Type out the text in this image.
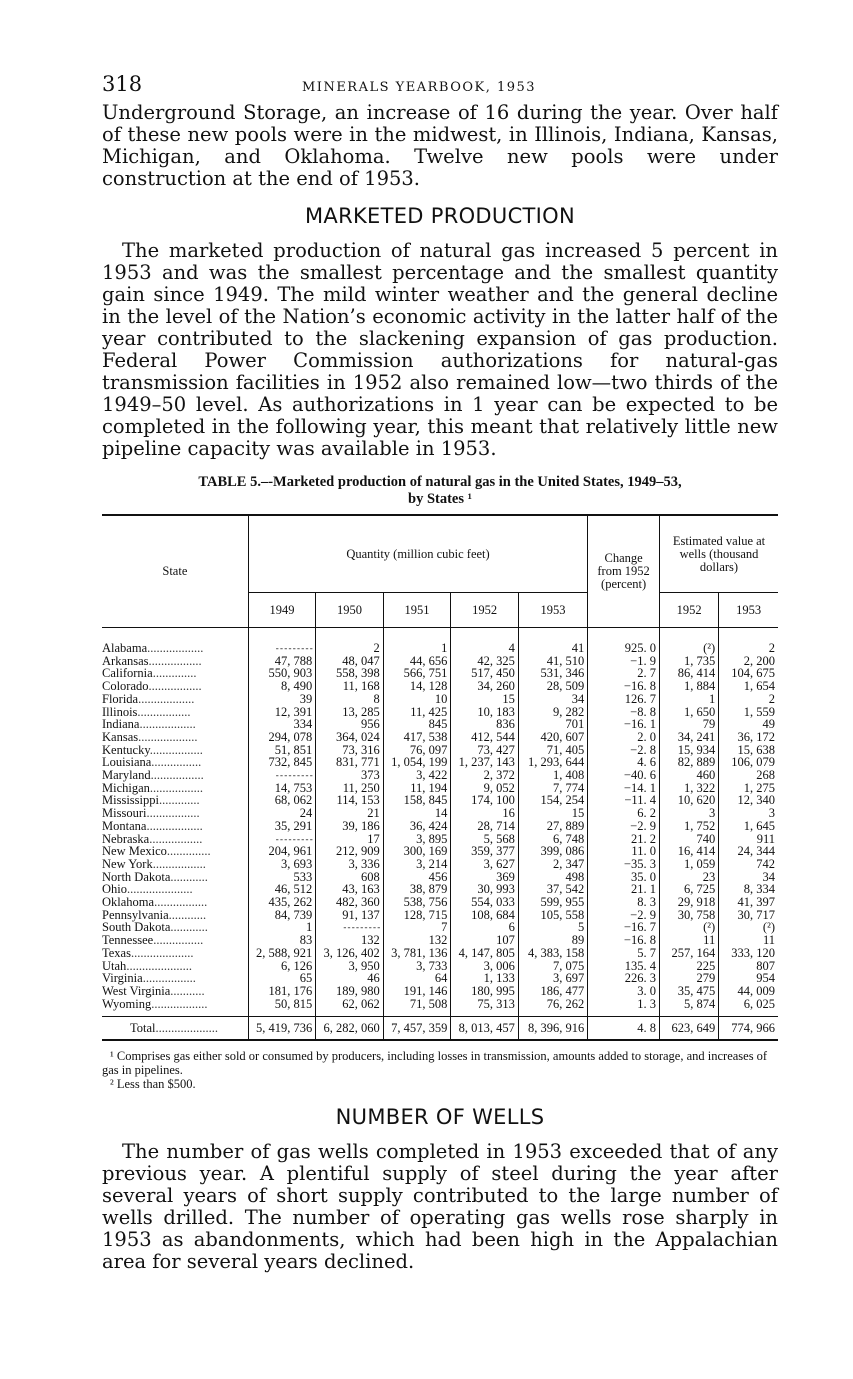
318	MINERALS YEARBOOK, 1953

Underground Storage, an increase of 16 during the year. Over half of these new pools were in the midwest, in Illinois, Indiana, Kansas, Michigan, and Oklahoma. Twelve new pools were under construction at the end of 1953.

MARKETED PRODUCTION

The marketed production of natural gas increased 5 percent in 1953 and was the smallest percentage and the smallest quantity gain since 1949. The mild winter weather and the general decline in the level of the Nation’s economic activity in the latter half of the year contributed to the slackening expansion of gas production. Federal Power Commission authorizations for natural-gas transmission facilities in 1952 also remained low—two thirds of the 1949–50 level. As authorizations in 1 year can be expected to be completed in the following year, this meant that relatively little new pipeline capacity was available in 1953.

TABLE 5.–-Marketed production of natural gas in the United States, 1949–53,
by States ¹
State	Quantity (million cubic feet)					Change from 1952 (percent)	Estimated value at wells (thousand dollars)	
	1949	1950	1951	1952	1953		1952	1953

Alabama..................	- - - - - - - - -	2	1	4	41	925. 0	(²)	2
Arkansas.................	47, 788	48, 047	44, 656	42, 325	41, 510	−1. 9	1, 735	2, 200
California..............	550, 903	558, 398	566, 751	517, 450	531, 346	2. 7	86, 414	104, 675
Colorado.................	8, 490	11, 168	14, 128	34, 260	28, 509	−16. 8	1, 884	1, 654
Florida..................	39	8	10	15	34	126. 7	1	2
Illinois.................	12, 391	13, 285	11, 425	10, 183	9, 282	−8. 8	1, 650	1, 559
Indiana..................	334	956	845	836	701	−16. 1	79	49
Kansas...................	294, 078	364, 024	417, 538	412, 544	420, 607	2. 0	34, 241	36, 172
Kentucky.................	51, 851	73, 316	76, 097	73, 427	71, 405	−2. 8	15, 934	15, 638
Louisiana................	732, 845	831, 771	1, 054, 199	1, 237, 143	1, 293, 644	4. 6	82, 889	106, 079
Maryland.................	- - - - - - - - -	373	3, 422	2, 372	1, 408	−40. 6	460	268
Michigan.................	14, 753	11, 250	11, 194	9, 052	7, 774	−14. 1	1, 322	1, 275
Mississippi.............	68, 062	114, 153	158, 845	174, 100	154, 254	−11. 4	10, 620	12, 340
Missouri.................	24	21	14	16	15	6. 2	3	3
Montana..................	35, 291	39, 186	36, 424	28, 714	27, 889	−2. 9	1, 752	1, 645
Nebraska.................	- - - - - - - - -	17	3, 895	5, 568	6, 748	21. 2	740	911
New Mexico..............	204, 961	212, 909	300, 169	359, 377	399, 086	11. 0	16, 414	24, 344
New York.................	3, 693	3, 336	3, 214	3, 627	2, 347	−35. 3	1, 059	742
North Dakota............	533	608	456	369	498	35. 0	23	34
Ohio.....................	46, 512	43, 163	38, 879	30, 993	37, 542	21. 1	6, 725	8, 334
Oklahoma.................	435, 262	482, 360	538, 756	554, 033	599, 955	8. 3	29, 918	41, 397
Pennsylvania............	84, 739	91, 137	128, 715	108, 684	105, 558	−2. 9	30, 758	30, 717
South Dakota............	1	- - - - - - - - -	7	6	5	−16. 7	(²)	(²)
Tennessee................	83	132	132	107	89	−16. 8	11	11
Texas....................	2, 588, 921	3, 126, 402	3, 781, 136	4, 147, 805	4, 383, 158	5. 7	257, 164	333, 120
Utah.....................	6, 126	3, 950	3, 733	3, 006	7, 075	135. 4	225	807
Virginia.................	65	46	64	1, 133	3, 697	226. 3	279	954
West Virginia...........	181, 176	189, 980	191, 146	180, 995	186, 477	3. 0	35, 475	44, 009
Wyoming..................	50, 815	62, 062	71, 508	75, 313	76, 262	1. 3	5, 874	6, 025

Total....................	5, 419, 736	6, 282, 060	7, 457, 359	8, 013, 457	8, 396, 916	4. 8	623, 649	774, 966

¹ Comprises gas either sold or consumed by producers, including losses in transmission, amounts added to storage, and increases of gas in pipelines.

² Less than $500.

NUMBER OF WELLS

The number of gas wells completed in 1953 exceeded that of any previous year. A plentiful supply of steel during the year after several years of short supply contributed to the large number of wells drilled. The number of operating gas wells rose sharply in 1953 as abandonments, which had been high in the Appalachian area for several years declined.
